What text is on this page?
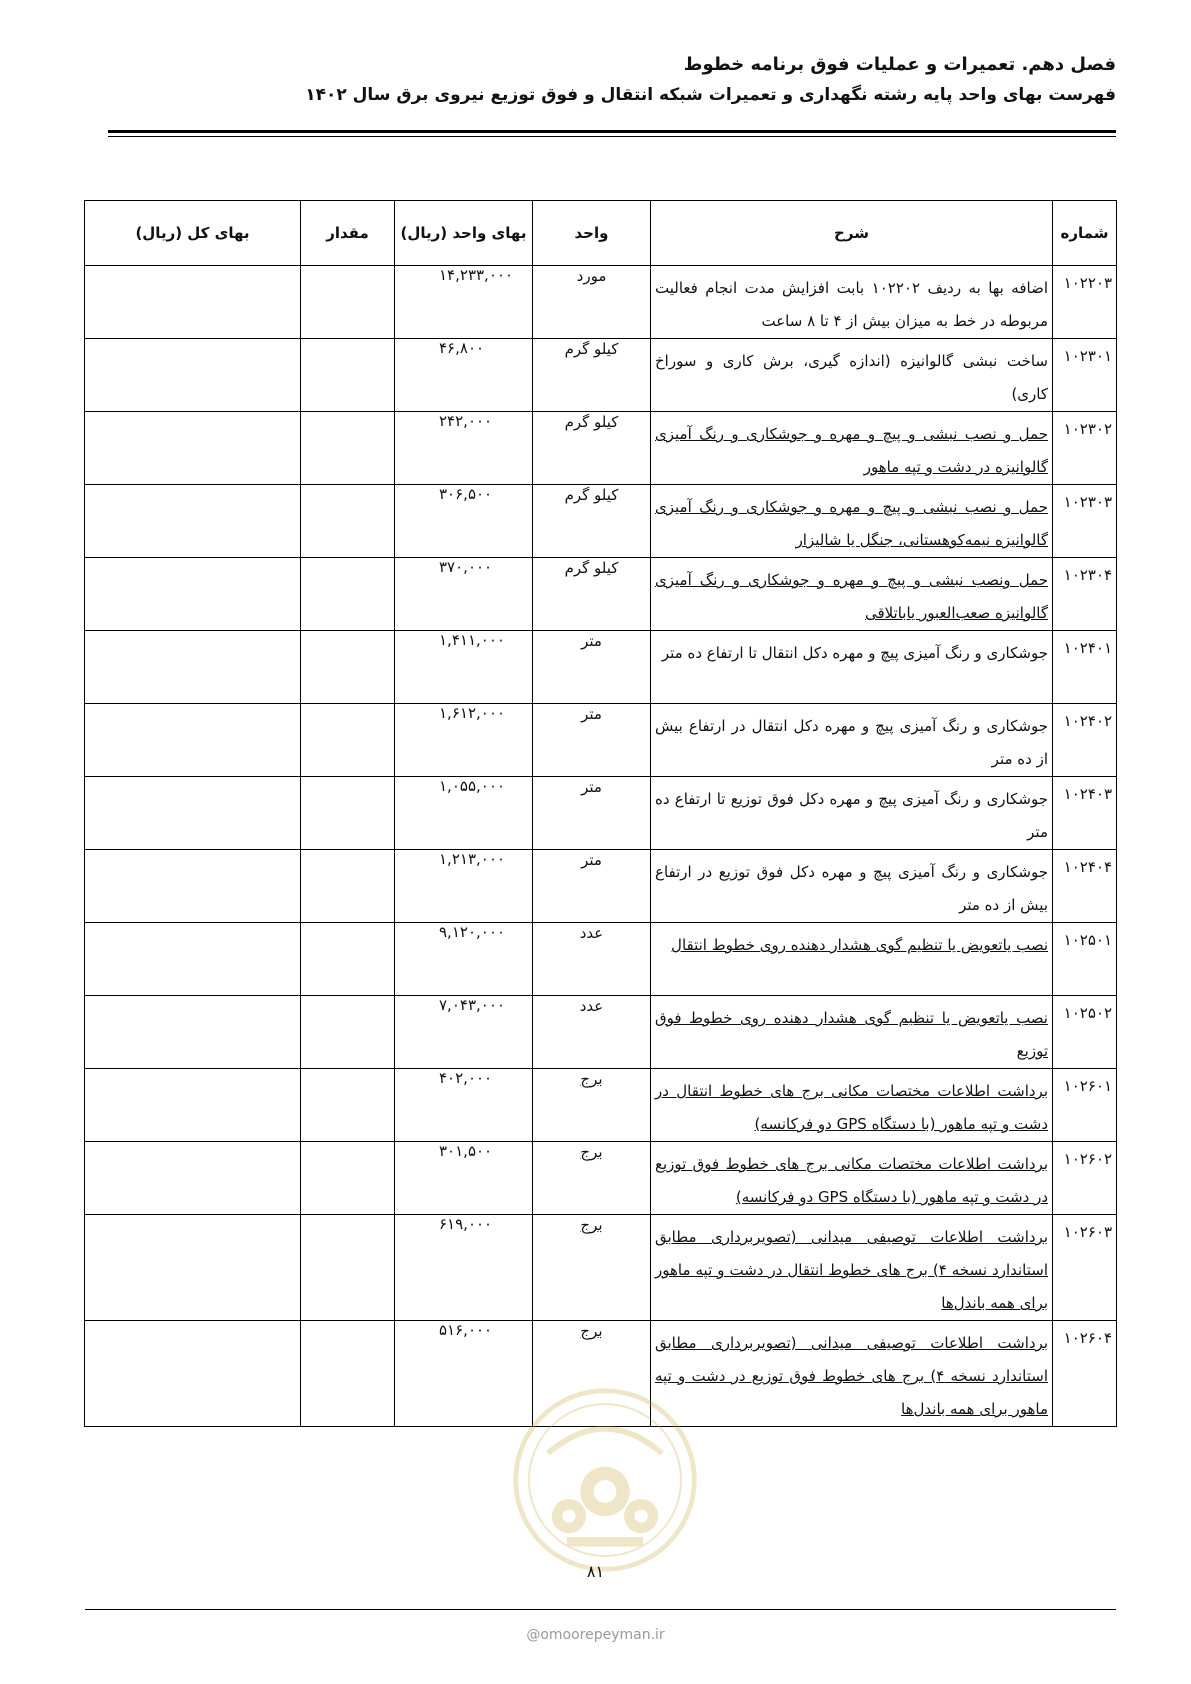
فصل دهم. تعمیرات و عملیات فوق برنامه خطوط
فهرست بهای واحد پایه رشته نگهداری و تعمیرات شبکه انتقال و فوق توزیع نیروی برق سال ۱۴۰۲
شماره	شرح	واحد	بهای واحد (ریال)	مقدار	بهای کل (ریال)
۱۰۲۲۰۳	اضافه بها به ردیف ۱۰۲۲۰۲ بابت افزایش مدت انجام فعالیت مربوطه در خط به میزان بیش از ۴ تا ۸ ساعت	مورد	۱۴,۲۳۳,۰۰۰		
۱۰۲۳۰۱	ساخت نبشی گالوانیزه (اندازه گیری، برش کاری و سوراخ کاری)	کیلو گرم	۴۶,۸۰۰		
۱۰۲۳۰۲	حمل و نصب نبشی و پیچ و مهره و جوشکاری و رنگ آمیزی گالوانیزه در دشت و تپه ماهور	کیلو گرم	۲۴۲,۰۰۰		
۱۰۲۳۰۳	حمل و نصب نبشی و پیچ و مهره و جوشکاری و رنگ آمیزی گالوانیزه نیمه‌کوهستانی، جنگل یا شالیزار	کیلو گرم	۳۰۶,۵۰۰		
۱۰۲۳۰۴	حمل ونصب نبشی و پیچ و مهره و جوشکاری و رنگ آمیزی گالوانیزه صعب‌العبور یاباتلاقی	کیلو گرم	۳۷۰,۰۰۰		
۱۰۲۴۰۱	جوشکاری و رنگ آمیزی پیچ و مهره دکل انتقال تا ارتفاع ده متر	متر	۱,۴۱۱,۰۰۰		
۱۰۲۴۰۲	جوشکاری و رنگ آمیزی پیچ و مهره دکل انتقال در ارتفاع بیش از ده متر	متر	۱,۶۱۲,۰۰۰		
۱۰۲۴۰۳	جوشکاری و رنگ آمیزی پیچ و مهره دکل فوق توزیع تا ارتفاع ده متر	متر	۱,۰۵۵,۰۰۰		
۱۰۲۴۰۴	جوشکاری و رنگ آمیزی پیچ و مهره دکل فوق توزیع در ارتفاع بیش از ده متر	متر	۱,۲۱۳,۰۰۰		
۱۰۲۵۰۱	نصب یاتعویض یا تنظیم گوی هشدار دهنده روی خطوط انتقال	عدد	۹,۱۲۰,۰۰۰		
۱۰۲۵۰۲	نصب یاتعویض یا تنظیم گوی هشدار دهنده روی خطوط فوق توزیع	عدد	۷,۰۴۳,۰۰۰		
۱۰۲۶۰۱	برداشت اطلاعات مختصات مکانی برج های خطوط انتقال در دشت و تپه ماهور (با دستگاه GPS دو فرکانسه)	برج	۴۰۲,۰۰۰		
۱۰۲۶۰۲	برداشت اطلاعات مختصات مکانی برج های خطوط فوق توزیع در دشت و تپه ماهور (با دستگاه GPS دو فرکانسه)	برج	۳۰۱,۵۰۰		
۱۰۲۶۰۳	برداشت اطلاعات توصیفی میدانی (تصویربرداری مطابق استاندارد نسخه ۴) برج های خطوط انتقال در دشت و تپه ماهور برای همه باندل‌ها	برج	۶۱۹,۰۰۰		
۱۰۲۶۰۴	برداشت اطلاعات توصیفی میدانی (تصویربرداری مطابق استاندارد نسخه ۴) برج های خطوط فوق توزیع در دشت و تپه ماهور برای همه باندل‌ها	برج	۵۱۶,۰۰۰		
۸۱
@omoorepeyman.ir
